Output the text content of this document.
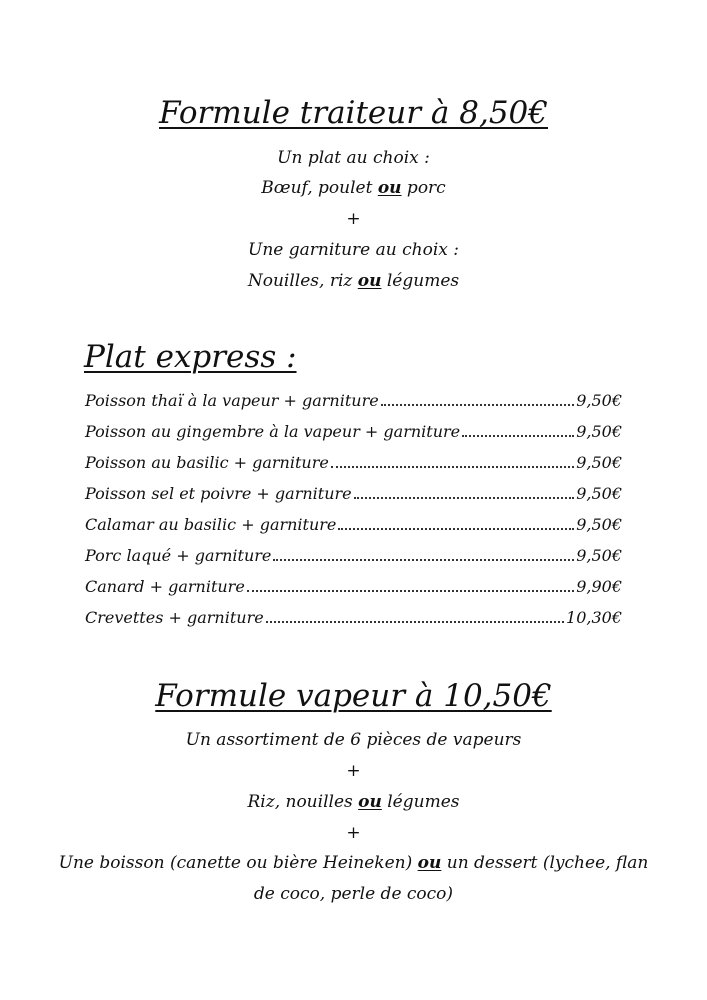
Formule traiteur à 8,50€
Un plat au choix :
Bœuf, poulet ou porc
+
Une garniture au choix :
Nouilles, riz ou légumes
Plat express :
Poisson thaï à la vapeur + garniture	9,50€
Poisson au gingembre à la vapeur + garniture	9,50€
Poisson au basilic + garniture	9,50€
Poisson sel et poivre + garniture	9,50€
Calamar au basilic + garniture	9,50€
Porc laqué + garniture	9,50€
Canard + garniture	9,90€
Crevettes + garniture	10,30€
Formule vapeur à 10,50€
Un assortiment de 6 pièces de vapeurs
+
Riz, nouilles ou légumes
+
Une boisson (canette ou bière Heineken) ou un dessert (lychee, flan
de coco, perle de coco)
